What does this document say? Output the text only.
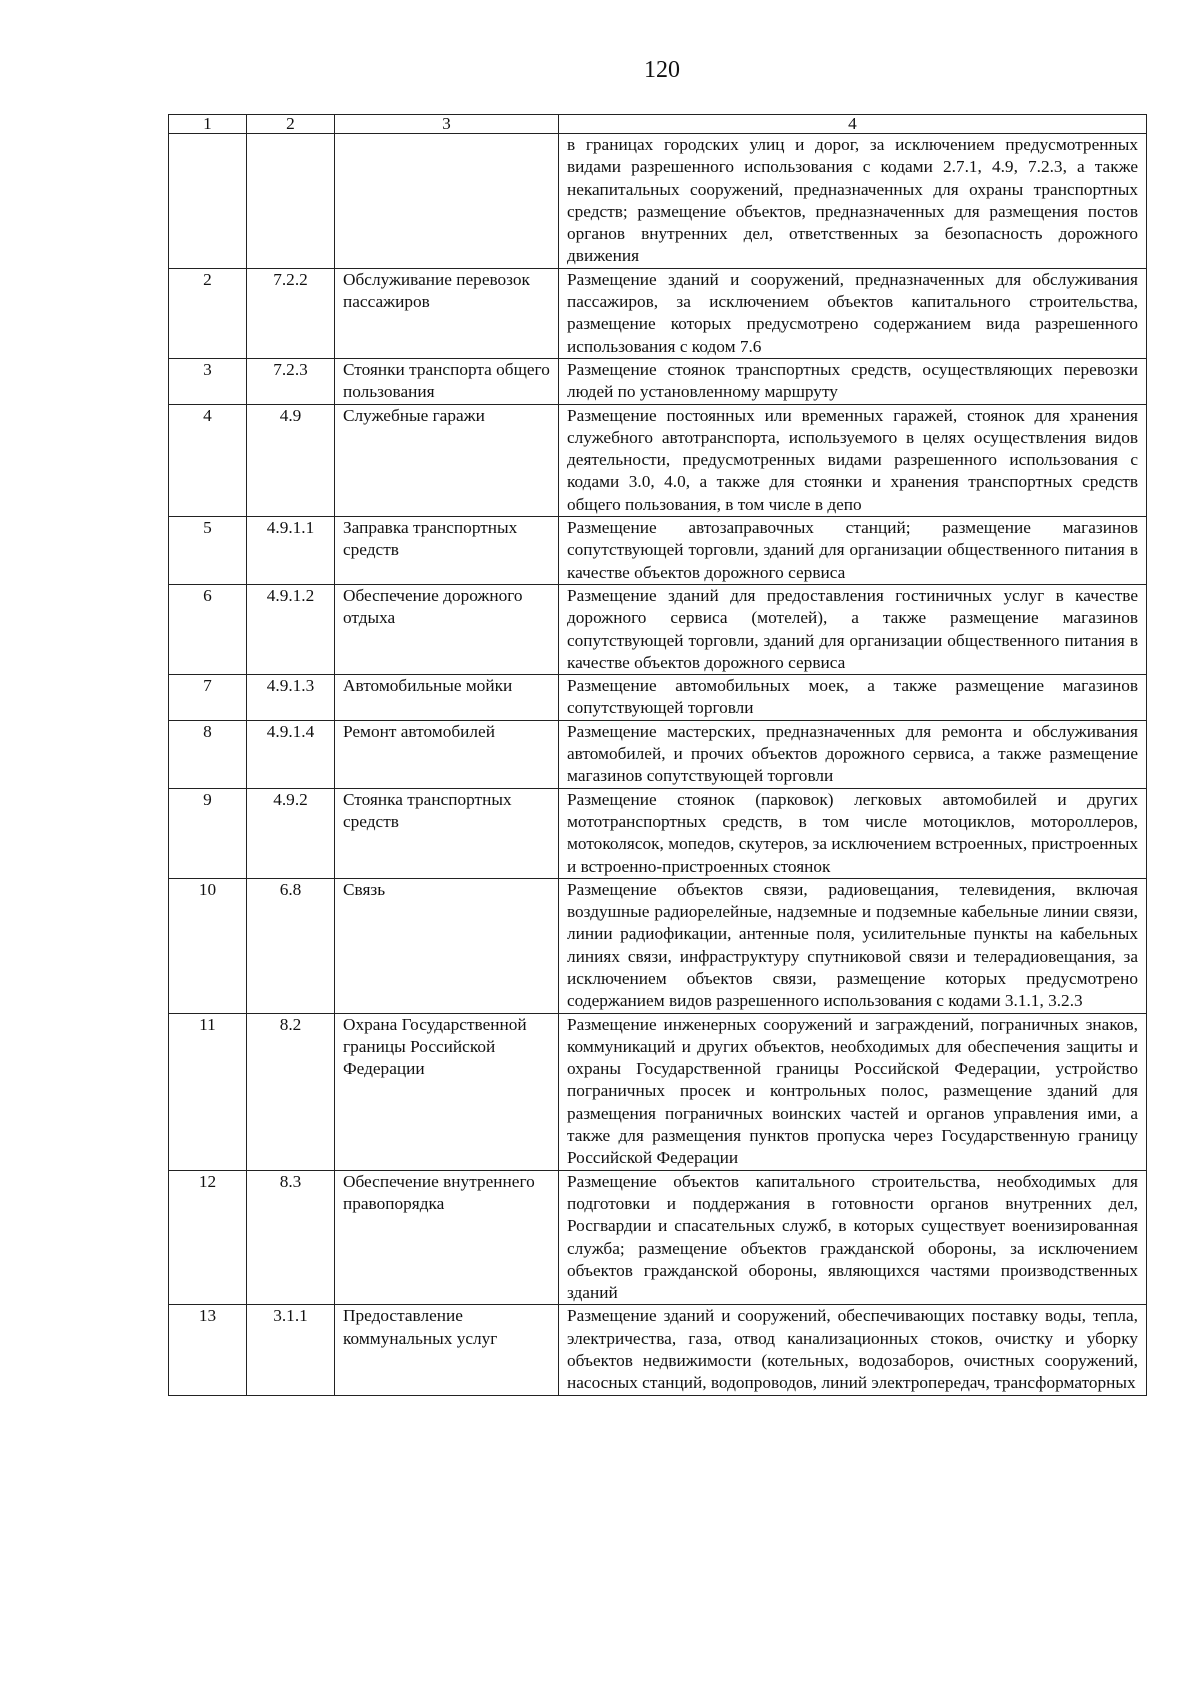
120
1	2	3	4
			в границах городских улиц и дорог, за исключением предусмотренных видами разрешенного использования с кодами 2.7.1, 4.9, 7.2.3, а также некапитальных сооружений, предназначенных для охраны транспортных средств; размещение объектов, предназначенных для размещения постов органов внутренних дел, ответственных за безопасность дорожного движения
2	7.2.2	Обслуживание перевозок пассажиров	Размещение зданий и сооружений, предназначенных для обслуживания пассажиров, за исключением объектов капитального строительства, размещение которых предусмотрено содержанием вида разрешенного использования с кодом 7.6
3	7.2.3	Стоянки транспорта общего пользования	Размещение стоянок транспортных средств, осуществляющих перевозки людей по установленному маршруту
4	4.9	Служебные гаражи	Размещение постоянных или временных гаражей, стоянок для хранения служебного автотранспорта, используемого в целях осуществления видов деятельности, предусмотренных видами разрешенного использования с кодами 3.0, 4.0, а также для стоянки и хранения транспортных средств общего пользования, в том числе в депо
5	4.9.1.1	Заправка транспортных средств	Размещение автозаправочных станций; размещение магазинов сопутствующей торговли, зданий для организации общественного питания в качестве объектов дорожного сервиса
6	4.9.1.2	Обеспечение дорожного отдыха	Размещение зданий для предоставления гостиничных услуг в качестве дорожного сервиса (мотелей), а также размещение магазинов сопутствующей торговли, зданий для организации общественного питания в качестве объектов дорожного сервиса
7	4.9.1.3	Автомобильные мойки	Размещение автомобильных моек, а также размещение магазинов сопутствующей торговли
8	4.9.1.4	Ремонт автомобилей	Размещение мастерских, предназначенных для ремонта и обслуживания автомобилей, и прочих объектов дорожного сервиса, а также размещение магазинов сопутствующей торговли
9	4.9.2	Стоянка транспортных средств	Размещение стоянок (парковок) легковых автомобилей и других мототранспортных средств, в том числе мотоциклов, мотороллеров, мотоколясок, мопедов, скутеров, за исключением встроенных, пристроенных и встроенно-пристроенных стоянок
10	6.8	Связь	Размещение объектов связи, радиовещания, телевидения, включая воздушные радиорелейные, надземные и подземные кабельные линии связи, линии радиофикации, антенные поля, усилительные пункты на кабельных линиях связи, инфраструктуру спутниковой связи и телерадиовещания, за исключением объектов связи, размещение которых предусмотрено содержанием видов разрешенного использования с кодами 3.1.1, 3.2.3
11	8.2	Охрана Государственной границы Российской Федерации	Размещение инженерных сооружений и заграждений, пограничных знаков, коммуникаций и других объектов, необходимых для обеспечения защиты и охраны Государственной границы Российской Федерации, устройство пограничных просек и контрольных полос, размещение зданий для размещения пограничных воинских частей и органов управления ими, а также для размещения пунктов пропуска через Государственную границу Российской Федерации
12	8.3	Обеспечение внутреннего правопорядка	Размещение объектов капитального строительства, необходимых для подготовки и поддержания в готовности органов внутренних дел, Росгвардии и спасательных служб, в которых существует военизированная служба; размещение объектов гражданской обороны, за исключением объектов гражданской обороны, являющихся частями производственных зданий
13	3.1.1	Предоставление коммунальных услуг	Размещение зданий и сооружений, обеспечивающих поставку воды, тепла, электричества, газа, отвод канализационных стоков, очистку и уборку объектов недвижимости (котельных, водозаборов, очистных сооружений, насосных станций, водопроводов, линий электропередач, трансформаторных
